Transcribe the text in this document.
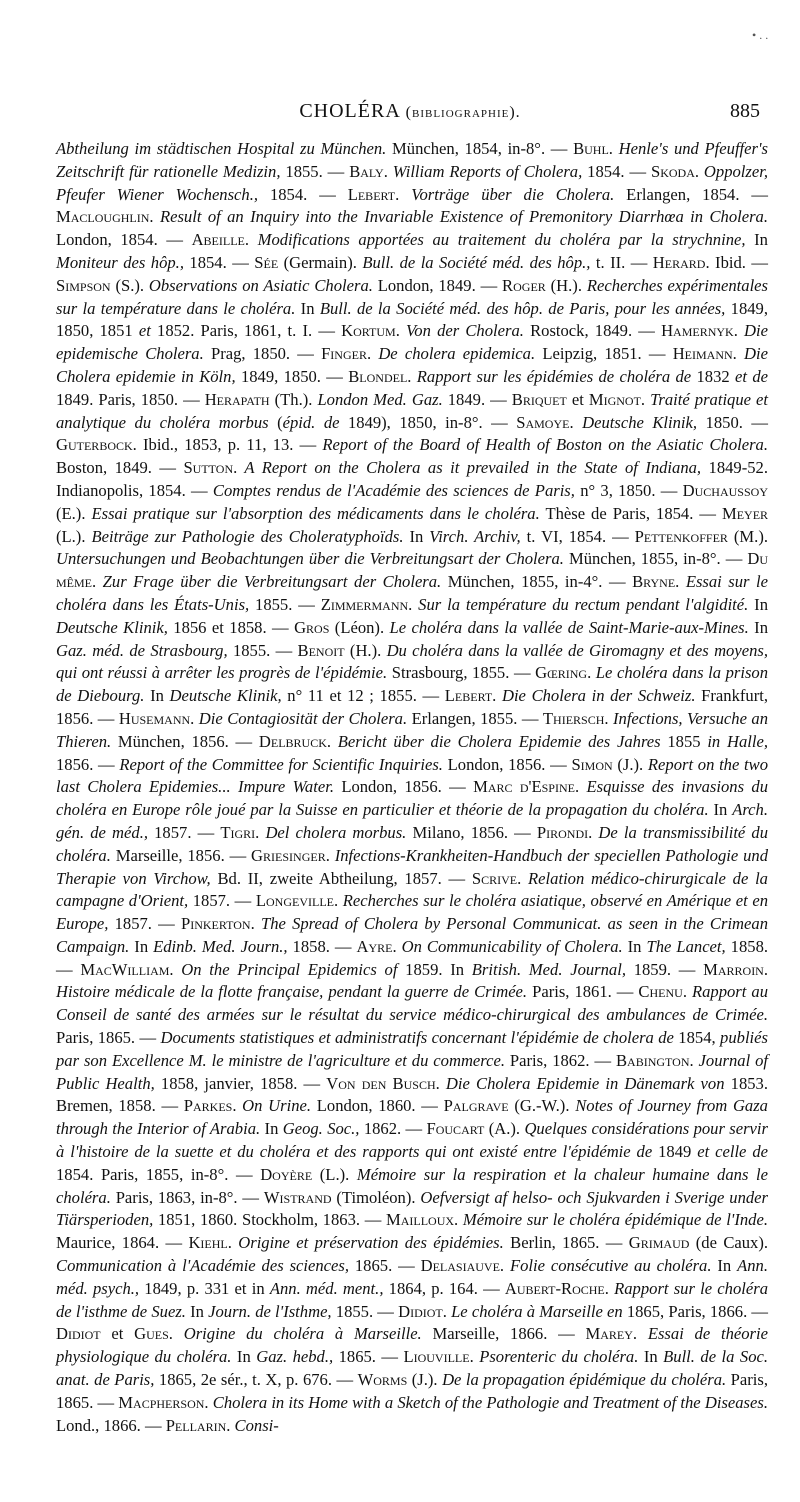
• . .
CHOLÉRA (bibliographie).	885
Abtheilung im städtischen Hospital zu München. München, 1854, in-8°. — Buhl. Henle's und Pfeuffer's Zeitschrift für rationelle Medizin, 1855. — Baly. William Reports of Cholera, 1854. — Skoda. Oppolzer, Pfeufer Wiener Wochensch., 1854. — Lebert. Vorträge über die Cholera. Erlangen, 1854. — Macloughlin. Result of an Inquiry into the Invariable Existence of Premonitory Diarrhœa in Cholera. London, 1854. — Abeille. Modifications apportées au traitement du choléra par la strychnine, In Moniteur des hôp., 1854. — Sée (Germain). Bull. de la Société méd. des hôp., t. II. — Herard. Ibid. — Simpson (S.). Observations on Asiatic Cholera. London, 1849. — Roger (H.). Recherches expérimentales sur la température dans le choléra. In Bull. de la Société méd. des hôp. de Paris, pour les années, 1849, 1850, 1851 et 1852. Paris, 1861, t. I. — Kortum. Von der Cholera. Rostock, 1849. — Hamernyk. Die epidemische Cholera. Prag, 1850. — Finger. De cholera epidemica. Leipzig, 1851. — Heimann. Die Cholera epidemie in Köln, 1849, 1850. — Blondel. Rapport sur les épidémies de choléra de 1832 et de 1849. Paris, 1850. — Herapath (Th.). London Med. Gaz. 1849. — Briquet et Mignot. Traité pratique et analytique du choléra morbus (épid. de 1849), 1850, in-8°. — Samoye. Deutsche Klinik, 1850. — Guterbock. Ibid., 1853, p. 11, 13. — Report of the Board of Health of Boston on the Asiatic Cholera. Boston, 1849. — Sutton. A Report on the Cholera as it prevailed in the State of Indiana, 1849-52. Indianopolis, 1854. — Comptes rendus de l'Académie des sciences de Paris, n° 3, 1850. — Duchaussoy (E.). Essai pratique sur l'absorption des médicaments dans le choléra. Thèse de Paris, 1854. — Meyer (L.). Beiträge zur Pathologie des Choleratyphoïds. In Virch. Archiv, t. VI, 1854. — Pettenkoffer (M.). Untersuchungen und Beobachtungen über die Verbreitungsart der Cholera. München, 1855, in-8°. — Du même. Zur Frage über die Verbreitungsart der Cholera. München, 1855, in-4°. — Bryne. Essai sur le choléra dans les États-Unis, 1855. — Zimmermann. Sur la température du rectum pendant l'algidité. In Deutsche Klinik, 1856 et 1858. — Gros (Léon). Le choléra dans la vallée de Saint-Marie-aux-Mines. In Gaz. méd. de Strasbourg, 1855. — Benoit (H.). Du choléra dans la vallée de Giromagny et des moyens, qui ont réussi à arrêter les progrès de l'épidémie. Strasbourg, 1855. — Gœring. Le choléra dans la prison de Diebourg. In Deutsche Klinik, n° 11 et 12 ; 1855. — Lebert. Die Cholera in der Schweiz. Frankfurt, 1856. — Husemann. Die Contagiosität der Cholera. Erlangen, 1855. — Thiersch. Infections, Versuche an Thieren. München, 1856. — Delbruck. Bericht über die Cholera Epidemie des Jahres 1855 in Halle, 1856. — Report of the Committee for Scientific Inquiries. London, 1856. — Simon (J.). Report on the two last Cholera Epidemies... Impure Water. London, 1856. — Marc d'Espine. Esquisse des invasions du choléra en Europe rôle joué par la Suisse en particulier et théorie de la propagation du choléra. In Arch. gén. de méd., 1857. — Tigri. Del cholera morbus. Milano, 1856. — Pirondi. De la transmissibilité du choléra. Marseille, 1856. — Griesinger. Infections-Krankheiten-Handbuch der speciellen Pathologie und Therapie von Virchow, Bd. II, zweite Abtheilung, 1857. — Scrive. Relation médico-chirurgicale de la campagne d'Orient, 1857. — Longeville. Recherches sur le choléra asiatique, observé en Amérique et en Europe, 1857. — Pinkerton. The Spread of Cholera by Personal Communicat. as seen in the Crimean Campaign. In Edinb. Med. Journ., 1858. — Ayre. On Communicability of Cholera. In The Lancet, 1858. — MacWilliam. On the Principal Epidemics of 1859. In British. Med. Journal, 1859. — Marroin. Histoire médicale de la flotte française, pendant la guerre de Crimée. Paris, 1861. — Chenu. Rapport au Conseil de santé des armées sur le résultat du service médico-chirurgical des ambulances de Crimée. Paris, 1865. — Documents statistiques et administratifs concernant l'épidémie de cholera de 1854, publiés par son Excellence M. le ministre de l'agriculture et du commerce. Paris, 1862. — Babington. Journal of Public Health, 1858, janvier, 1858. — Von den Busch. Die Cholera Epidemie in Dänemark von 1853. Bremen, 1858. — Parkes. On Urine. London, 1860. — Palgrave (G.-W.). Notes of Journey from Gaza through the Interior of Arabia. In Geog. Soc., 1862. — Foucart (A.). Quelques considérations pour servir à l'histoire de la suette et du choléra et des rapports qui ont existé entre l'épidémie de 1849 et celle de 1854. Paris, 1855, in-8°. — Doyère (L.). Mémoire sur la respiration et la chaleur humaine dans le choléra. Paris, 1863, in-8°. — Wistrand (Timoléon). Oefversigt af helso- och Sjukvarden i Sverige under Tiärsperioden, 1851, 1860. Stockholm, 1863. — Mailloux. Mémoire sur le choléra épidémique de l'Inde. Maurice, 1864. — Kiehl. Origine et préservation des épidémies. Berlin, 1865. — Grimaud (de Caux). Communication à l'Académie des sciences, 1865. — Delasiauve. Folie consécutive au choléra. In Ann. méd. psych., 1849, p. 331 et in Ann. méd. ment., 1864, p. 164. — Aubert-Roche. Rapport sur le choléra de l'isthme de Suez. In Journ. de l'Isthme, 1855. — Didiot. Le choléra à Marseille en 1865, Paris, 1866. — Didiot et Gues. Origine du choléra à Marseille. Marseille, 1866. — Marey. Essai de théorie physiologique du choléra. In Gaz. hebd., 1865. — Liouville. Psorenteric du choléra. In Bull. de la Soc. anat. de Paris, 1865, 2e sér., t. X, p. 676. — Worms (J.). De la propagation épidémique du choléra. Paris, 1865. — Macpherson. Cholera in its Home with a Sketch of the Pathologie and Treatment of the Diseases. Lond., 1866. — Pellarin. Consi-
